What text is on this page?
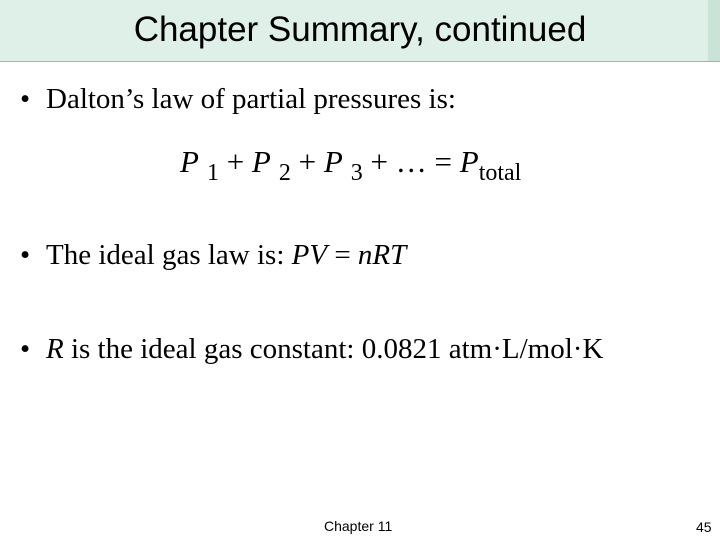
Chapter Summary, continued
• Dalton’s law of partial pressures is:
P $_1$ + P $_2$ + P $_3$ + … = $P_{total}$
• The ideal gas law is: PV = nRT
• R is the ideal gas constant: 0.0821 atm·L/mol·K
Chapter 11	45
